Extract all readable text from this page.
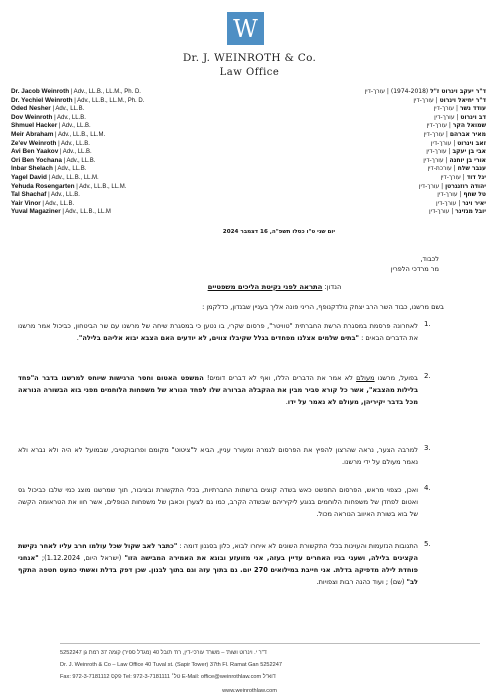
W
Dr. J. WEINROTH & Co.
Law Office
Dr. Jacob Weinroth | Adv., LL.B., LL.M., Ph. D.
Dr. Yechiel Weinroth | Adv., LL.B., LL.M., Ph. D.
Oded Nesher | Adv., LL.B.
Dov Weinroth | Adv., LL.B.
Shmuel Hacker | Adv., LL.B.
Meir Abraham | Adv., LL.B., LL.M.
Ze'ev Weinroth | Adv., LL.B.
Avi Ben Yaakov | Adv., LL.B.
Ori Ben Yochana | Adv., LL.B.
Inbar Shelach | Adv., LL.B.
Yagel David | Adv., LL.B., LL.M.
Yehuda Rosengarten | Adv., LL.B., LL.M.
Tal Shachaf | Adv., LL.B.
Yair Vinor | Adv., LL.B.
Yuval Magaziner | Adv., LL.B., LL.M
ד"ר יעקב וינרוט ז"ל (1974-2018) | עורך-דין
ד"ר יחיאל וינרוט | עורך-דין
עודד נשר | עורך-דין
דב וינרוט | עורך-דין
שמואל הקר | עורך-דין
מאיר אברהם | עורך-דין
זאב וינרוט | עורך-דין
אבי בן יעקב | עורך-דין
אורי בן יוחנה | עורך-דין
ענבר שלח | עורכת-דין
יגל דוד | עורך-דין
יהודה רוזנגרטן | עורך-דין
טל שחף | עורך-דין
יאיר וינר | עורך-דין
יובל מגזינר | עורך-דין
יום שני ט"ו כסלו תשפ"ה, 16 דצמבר 2024
לכבוד,
מר מרדכי הלפרין
הנדון: התראה לפני נקיטת הליכים משפטיים
בשם מרשנו, כבוד השר הרב יצחק גולדקנופף, הריני פונה אליך בעניין שבנדון, כדלקמן :
1.
לאחרונה פרסמת במסגרת הרשת החברתית "טוויטר", פרסום שקרי, בו נטען כי במסגרת שיחה של מרשנו עם שר הביטחון, כביכול אמר מרשנו את הדברים הבאים : "בתים שלמים אצלנו מפחדים בגלל שקיבלו צווים, לא יודעים האם הצבא יבוא אליהם בלילה".
2.
בפועל, מרשנו מעולם לא אמר את הדברים הללו, ואף לא דברים דומים! המשפט האטום וחסר הרגישות שיוחס למרשנו בדבר ה"פחד בלילות מהצבא", אשר כל קורא סביר מבין את ההקבלה הברורה שלו לפחד הנורא של משפחות הלוחמים מפני בוא הבשורה הנוראה מכל בדבר יקיריהן, מעולם לא נאמר על ידו.
3.
למרבה הצער, נראה שהרצון להפיץ את הפרסום לגמרה ומעורר עניין, הביא ל"ציטוט" מקומם ופרובוקטיבי, שבמועל לא היה ולא נברא ולא נאמר מעולם על ידי מרשנו.
4.
ואכן, כצפוי מראש, הפרסום התפשט כאש בשדה קוצים ברשתות החברתיות, בכלי התקשורת ובציבור, תוך שמרשנו מוצג כמי שלבו כביכול גס ואטום לפחדן של משפחות הלוחמים בנוגע ליקיריהם שבשדה הקרב, כמו גם לצערן וכאבן של משפחות הנופלים, אשר חוו את הטראומה הקשה של בוא בשורת האיווב הנוראה מכול.
5.
התגובות הנזעמות והעוינות בכלי התקשורת השונים לא איחרו לבוא, כלון בסגנון דומה : "כתבר לאב שקול שכל עולמו חרב עליו לאחר נקישת הקצינים בלילה, ושעני בניו האחרים עדיין בעזה, אני מזועזע ובוגא את האמירה המבישה הזו" (ישראל היום, 1.12.2024); "אנחני פוחדת לילה מדפיקה בדלת. אני חייבת במילואים 270 יום. גם בתוך עזה וגם בתוך לבנון. שכן דפק בדלת ואשתי כמעט חטפה התקף לב" (שם) ; ועוד כהנה רבות וצפויות.
ד"ר י. וינרוט ושות' – משרד עורכי-דין, רח' תובל 40 (מגדל ספיר) קומה 37 רמת גן 5252247
Dr. J. Weinroth & Co – Law Office 40 Tuval st. (Sapir Tower) 37th Fl. Ramat Gan 5252247
Fax: 972-3-7181112 פקס Tel: 972-3-7181111 טל׳ E-Mail: office@weinrothlaw.com דוא"ל
www.weinrothlaw.com
